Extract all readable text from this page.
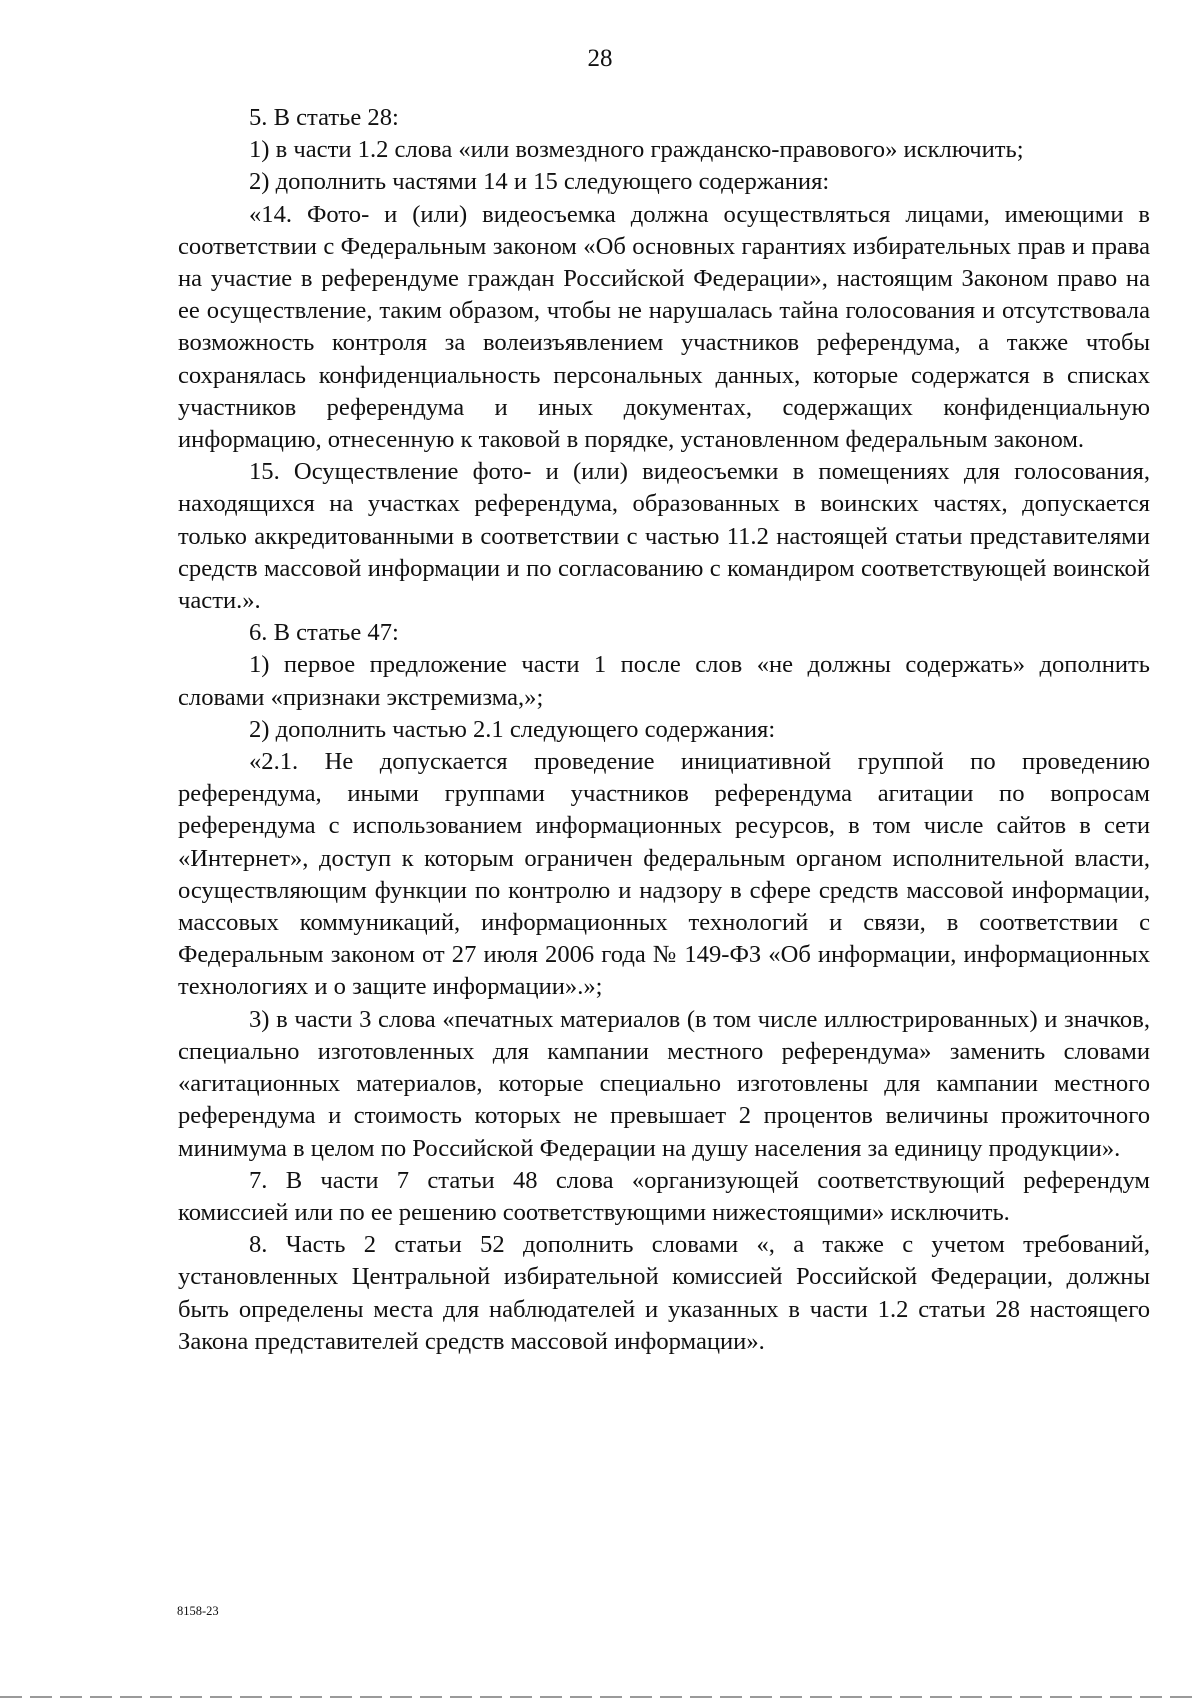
28

5. В статье 28:

1) в части 1.2 слова «или возмездного гражданско-правового» исключить;

2) дополнить частями 14 и 15 следующего содержания:

«14. Фото- и (или) видеосъемка должна осуществляться лицами, имеющими в соответствии с Федеральным законом «Об основных гарантиях избирательных прав и права на участие в референдуме граждан Российской Федерации», настоящим Законом право на ее осуществление, таким образом, чтобы не нарушалась тайна голосования и отсутствовала возможность контроля за волеизъявлением участников референдума, а также чтобы сохранялась конфиденциальность персональных данных, которые содержатся в списках участников референдума и иных документах, содержащих конфиденциальную информацию, отнесенную к таковой в порядке, установленном федеральным законом.

15. Осуществление фото- и (или) видеосъемки в помещениях для голосования, находящихся на участках референдума, образованных в воинских частях, допускается только аккредитованными в соответствии с частью 11.2 настоящей статьи представителями средств массовой информации и по согласованию с командиром соответствующей воинской части.».

6. В статье 47:

1) первое предложение части 1 после слов «не должны содержать» дополнить словами «признаки экстремизма,»;

2) дополнить частью 2.1 следующего содержания:

«2.1. Не допускается проведение инициативной группой по проведению референдума, иными группами участников референдума агитации по вопросам референдума с использованием информационных ресурсов, в том числе сайтов в сети «Интернет», доступ к которым ограничен федеральным органом исполнительной власти, осуществляющим функции по контролю и надзору в сфере средств массовой информации, массовых коммуникаций, информационных технологий и связи, в соответствии с Федеральным законом от 27 июля 2006 года № 149-ФЗ «Об информации, информационных технологиях и о защите информации».»;

3) в части 3 слова «печатных материалов (в том числе иллюстрированных) и значков, специально изготовленных для кампании местного референдума» заменить словами «агитационных материалов, которые специально изготовлены для кампании местного референдума и стоимость которых не превышает 2 процентов величины прожиточного минимума в целом по Российской Федерации на душу населения за единицу продукции».

7. В части 7 статьи 48 слова «организующей соответствующий референдум комиссией или по ее решению соответствующими нижестоящими» исключить.

8. Часть 2 статьи 52 дополнить словами «, а также с учетом требований, установленных Центральной избирательной комиссией Российской Федерации, должны быть определены места для наблюдателей и указанных в части 1.2 статьи 28 настоящего Закона представителей средств массовой информации».

8158-23
